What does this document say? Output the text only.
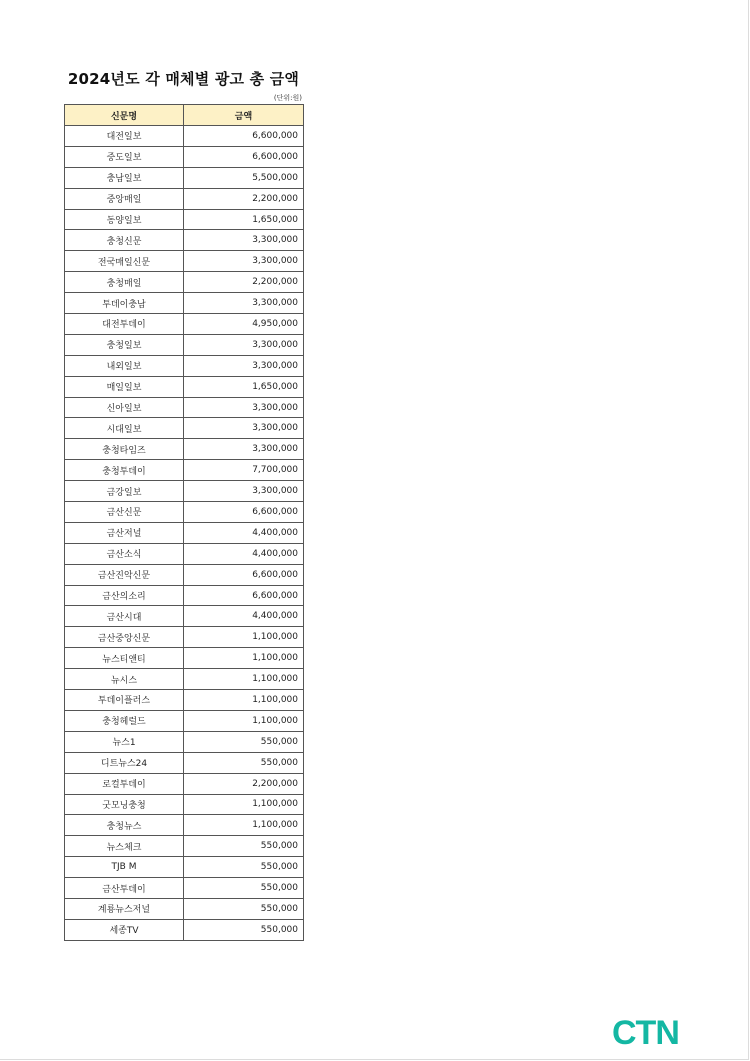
2024년도 각 매체별 광고 총 금액
(단위:원)
신문명	금액
대전일보	6,600,000
중도일보	6,600,000
충남일보	5,500,000
중앙매일	2,200,000
동양일보	1,650,000
충청신문	3,300,000
전국매일신문	3,300,000
충청매일	2,200,000
투데이충남	3,300,000
대전투데이	4,950,000
충청일보	3,300,000
내외일보	3,300,000
매일일보	1,650,000
신아일보	3,300,000
시대일보	3,300,000
충청타임즈	3,300,000
충청투데이	7,700,000
금강일보	3,300,000
금산신문	6,600,000
금산저널	4,400,000
금산소식	4,400,000
금산진악신문	6,600,000
금산의소리	6,600,000
금산시대	4,400,000
금산중앙신문	1,100,000
뉴스티앤티	1,100,000
뉴시스	1,100,000
투데이플러스	1,100,000
충청헤럴드	1,100,000
뉴스1	550,000
디트뉴스24	550,000
로컬투데이	2,200,000
굿모닝충청	1,100,000
충청뉴스	1,100,000
뉴스체크	550,000
TJB M	550,000
금산투데이	550,000
계룡뉴스저널	550,000
세종TV	550,000
CTN
